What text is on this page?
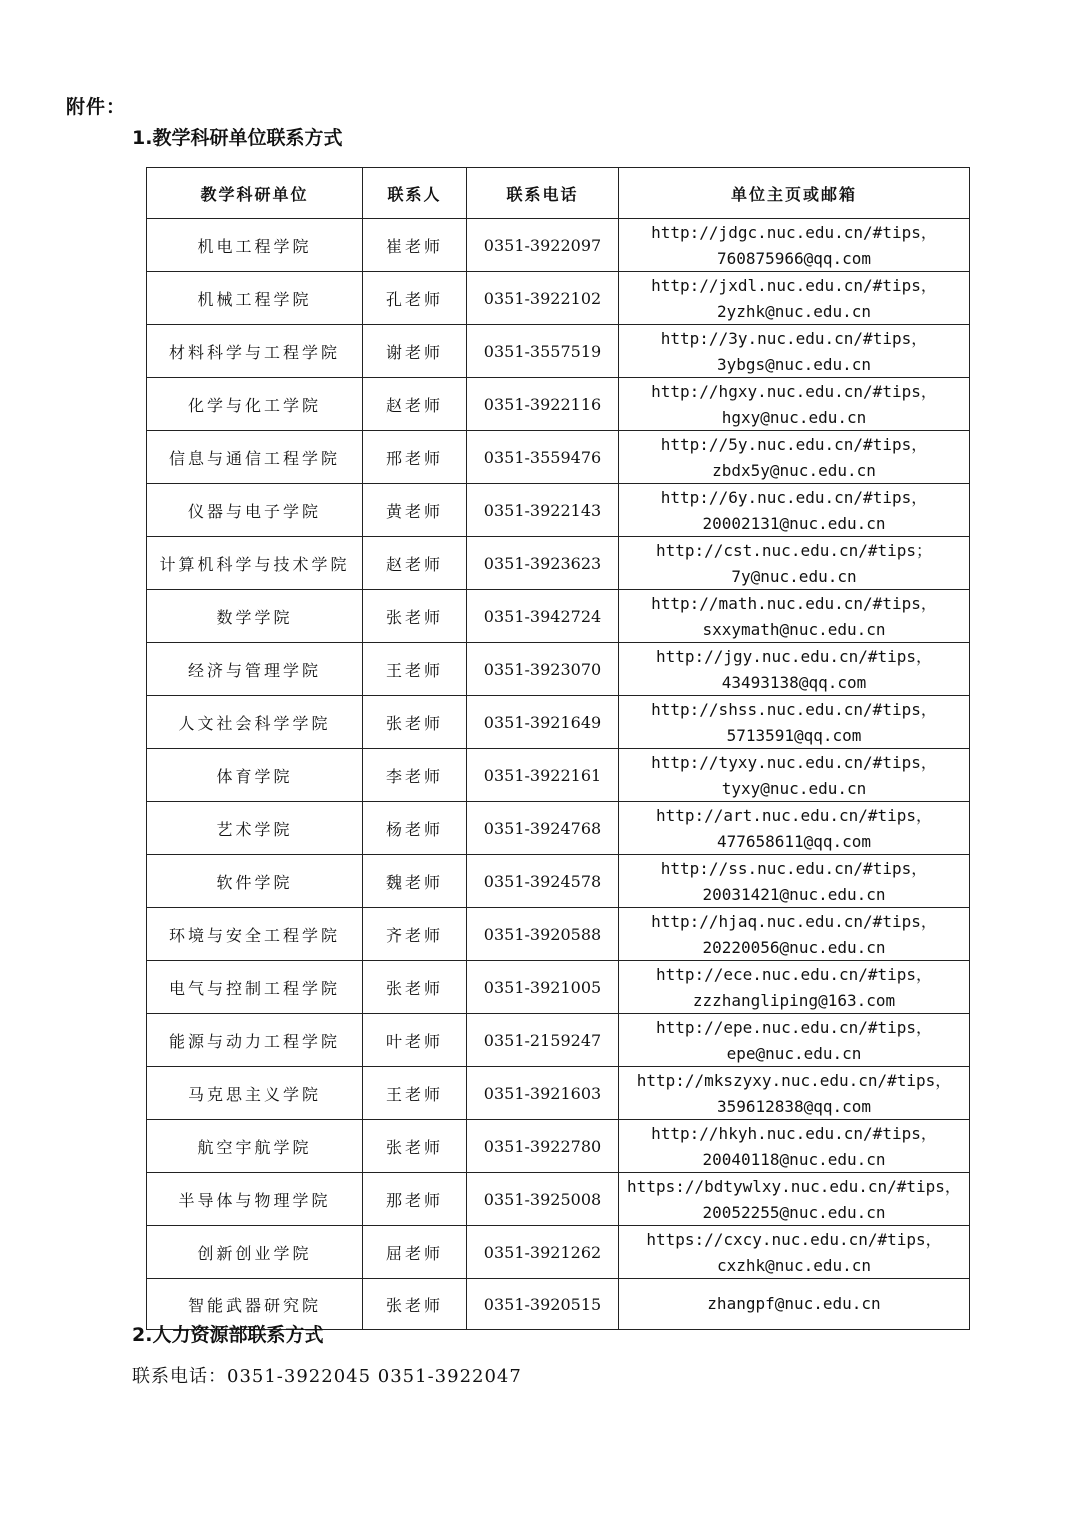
附件：
1.教学科研单位联系方式
教学科研单位	联系人	联系电话	单位主页或邮箱
机电工程学院	崔老师	0351-3922097	http://jdgc.nuc.edu.cn/#tips，
760875966@qq.com

机械工程学院	孔老师	0351-3922102	http://jxdl.nuc.edu.cn/#tips，
2yzhk@nuc.edu.cn

材料科学与工程学院	谢老师	0351-3557519	http://3y.nuc.edu.cn/#tips，
3ybgs@nuc.edu.cn

化学与化工学院	赵老师	0351-3922116	http://hgxy.nuc.edu.cn/#tips，
hgxy@nuc.edu.cn

信息与通信工程学院	邢老师	0351-3559476	http://5y.nuc.edu.cn/#tips，
zbdx5y@nuc.edu.cn

仪器与电子学院	黄老师	0351-3922143	http://6y.nuc.edu.cn/#tips，
20002131@nuc.edu.cn

计算机科学与技术学院	赵老师	0351-3923623	http://cst.nuc.edu.cn/#tips；
7y@nuc.edu.cn

数学学院	张老师	0351-3942724	http://math.nuc.edu.cn/#tips，
sxxymath@nuc.edu.cn

经济与管理学院	王老师	0351-3923070	http://jgy.nuc.edu.cn/#tips，
43493138@qq.com

人文社会科学学院	张老师	0351-3921649	http://shss.nuc.edu.cn/#tips，
5713591@qq.com

体育学院	李老师	0351-3922161	http://tyxy.nuc.edu.cn/#tips，
tyxy@nuc.edu.cn

艺术学院	杨老师	0351-3924768	http://art.nuc.edu.cn/#tips，
477658611@qq.com

软件学院	魏老师	0351-3924578	http://ss.nuc.edu.cn/#tips，
20031421@nuc.edu.cn

环境与安全工程学院	齐老师	0351-3920588	http://hjaq.nuc.edu.cn/#tips，
20220056@nuc.edu.cn

电气与控制工程学院	张老师	0351-3921005	http://ece.nuc.edu.cn/#tips，
zzzhangliping@163.com

能源与动力工程学院	叶老师	0351-2159247	http://epe.nuc.edu.cn/#tips，
epe@nuc.edu.cn

马克思主义学院	王老师	0351-3921603	http://mkszyxy.nuc.edu.cn/#tips，
359612838@qq.com

航空宇航学院	张老师	0351-3922780	http://hkyh.nuc.edu.cn/#tips，
20040118@nuc.edu.cn

半导体与物理学院	那老师	0351-3925008	https://bdtywlxy.nuc.edu.cn/#tips，
20052255@nuc.edu.cn

创新创业学院	屈老师	0351-3921262	https://cxcy.nuc.edu.cn/#tips，
cxzhk@nuc.edu.cn

智能武器研究院	张老师	0351-3920515	zhangpf@nuc.edu.cn
2.人力资源部联系方式
联系电话：0351-3922045 0351-3922047
